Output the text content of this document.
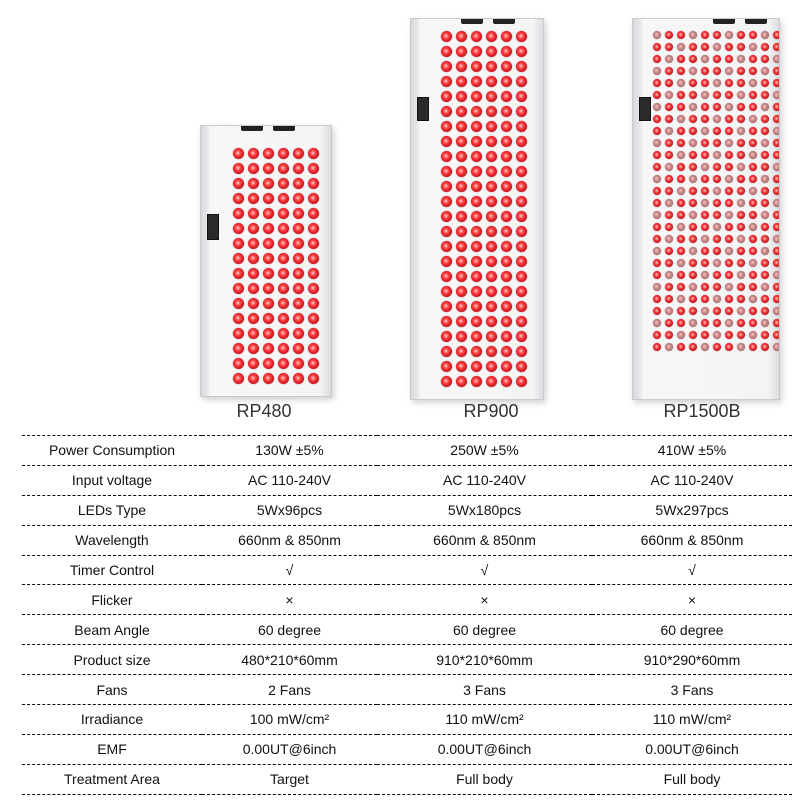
RP480	RP900	RP1500B
Power Consumption	130W ±5%	250W ±5%	410W ±5%
Input voltage	AC 110-240V	AC 110-240V	AC 110-240V
LEDs Type	5Wx96pcs	5Wx180pcs	5Wx297pcs
Wavelength	660nm & 850nm	660nm & 850nm	660nm & 850nm
Timer Control	√	√	√
Flicker	×	×	×
Beam Angle	60 degree	60 degree	60 degree
Product size	480*210*60mm	910*210*60mm	910*290*60mm
Fans	2 Fans	3 Fans	3 Fans
Irradiance	100 mW/cm²	110 mW/cm²	110 mW/cm²
EMF	0.00UT@6inch	0.00UT@6inch	0.00UT@6inch
Treatment Area	Target	Full body	Full body
